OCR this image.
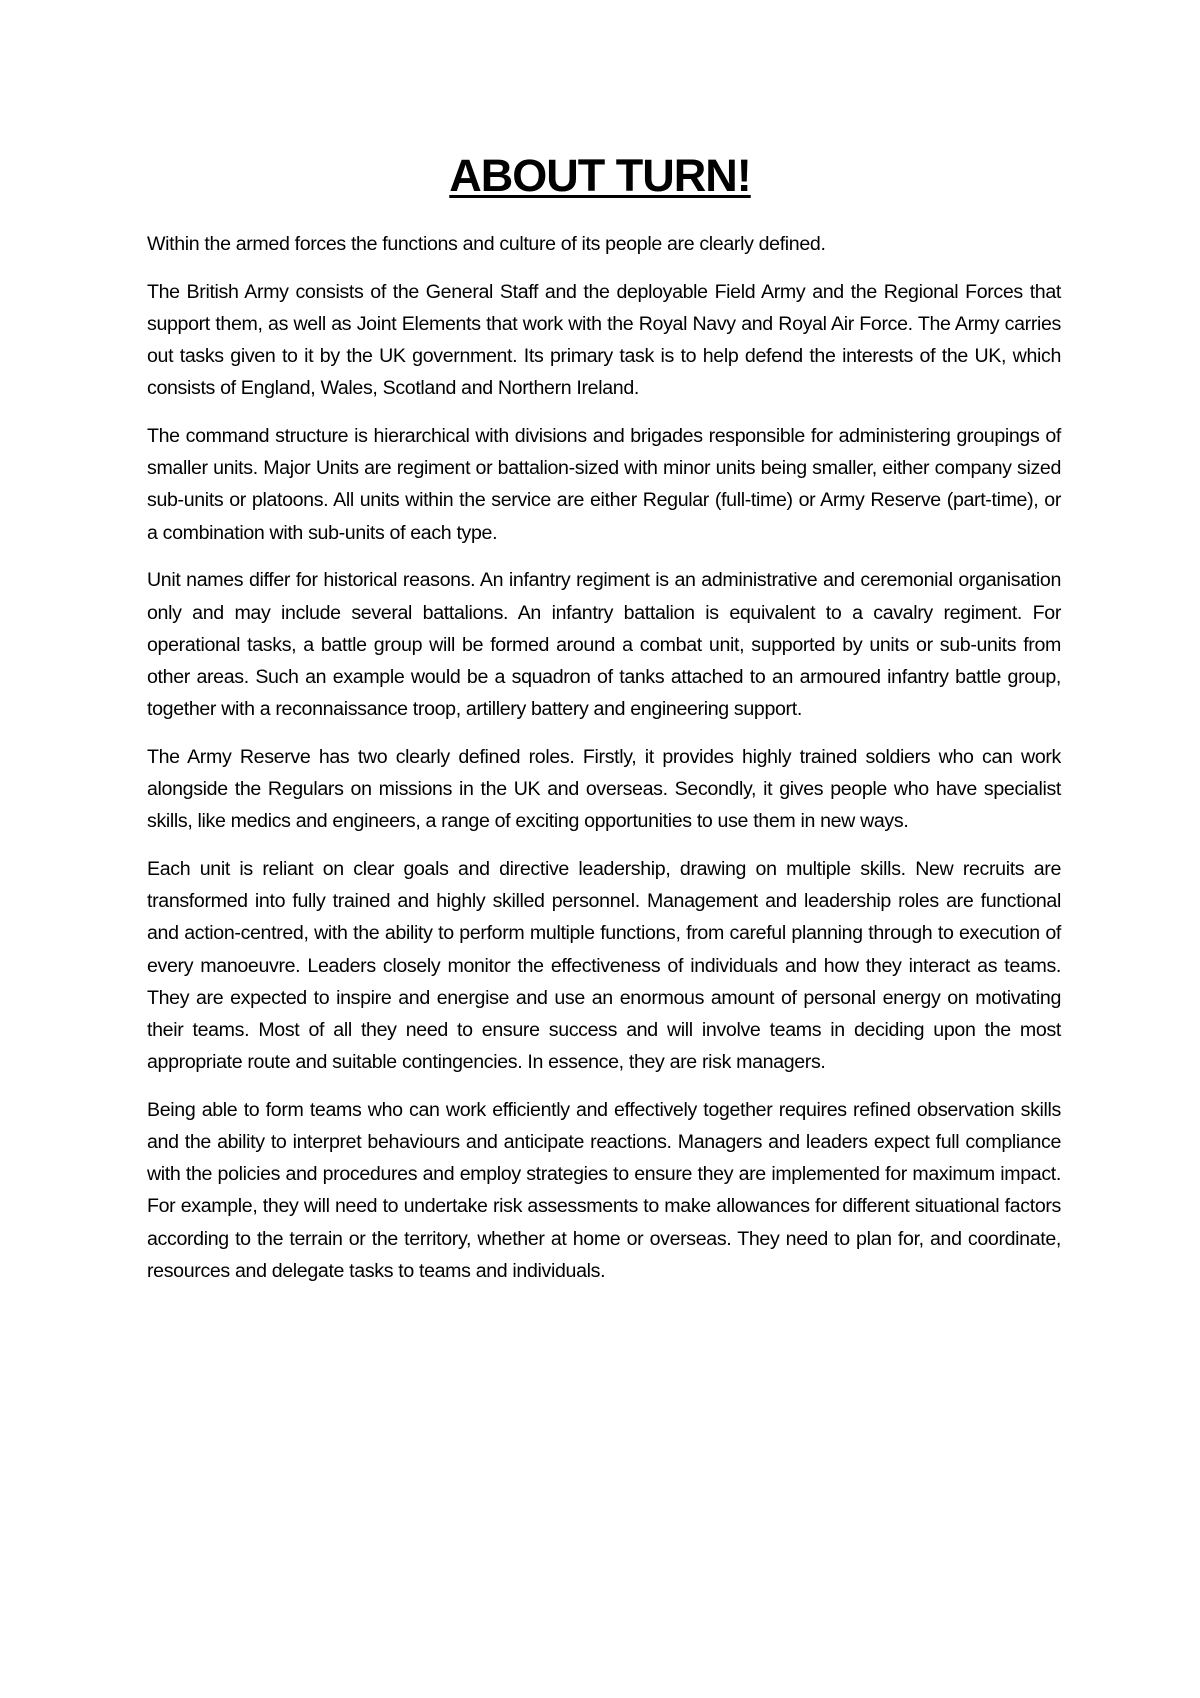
ABOUT TURN!

Within the armed forces the functions and culture of its people are clearly defined.

The British Army consists of the General Staff and the deployable Field Army and the Regional Forces that support them, as well as Joint Elements that work with the Royal Navy and Royal Air Force. The Army carries out tasks given to it by the UK government. Its primary task is to help defend the interests of the UK, which consists of England, Wales, Scotland and Northern Ireland.

The command structure is hierarchical with divisions and brigades responsible for administering groupings of smaller units. Major Units are regiment or battalion-sized with minor units being smaller, either company sized sub-units or platoons. All units within the service are either Regular (full-time) or Army Reserve (part-time), or a combination with sub-units of each type.

Unit names differ for historical reasons. An infantry regiment is an administrative and ceremonial organisation only and may include several battalions. An infantry battalion is equivalent to a cavalry regiment. For operational tasks, a battle group will be formed around a combat unit, supported by units or sub-units from other areas. Such an example would be a squadron of tanks attached to an armoured infantry battle group, together with a reconnaissance troop, artillery battery and engineering support.

The Army Reserve has two clearly defined roles. Firstly, it provides highly trained soldiers who can work alongside the Regulars on missions in the UK and overseas. Secondly, it gives people who have specialist skills, like medics and engineers, a range of exciting opportunities to use them in new ways.

Each unit is reliant on clear goals and directive leadership, drawing on multiple skills. New recruits are transformed into fully trained and highly skilled personnel. Management and leadership roles are functional and action-centred, with the ability to perform multiple functions, from careful planning through to execution of every manoeuvre. Leaders closely monitor the effectiveness of individuals and how they interact as teams. They are expected to inspire and energise and use an enormous amount of personal energy on motivating their teams. Most of all they need to ensure success and will involve teams in deciding upon the most appropriate route and suitable contingencies. In essence, they are risk managers.

Being able to form teams who can work efficiently and effectively together requires refined observation skills and the ability to interpret behaviours and anticipate reactions. Managers and leaders expect full compliance with the policies and procedures and employ strategies to ensure they are implemented for maximum impact. For example, they will need to undertake risk assessments to make allowances for different situational factors according to the terrain or the territory, whether at home or overseas. They need to plan for, and coordinate, resources and delegate tasks to teams and individuals.
